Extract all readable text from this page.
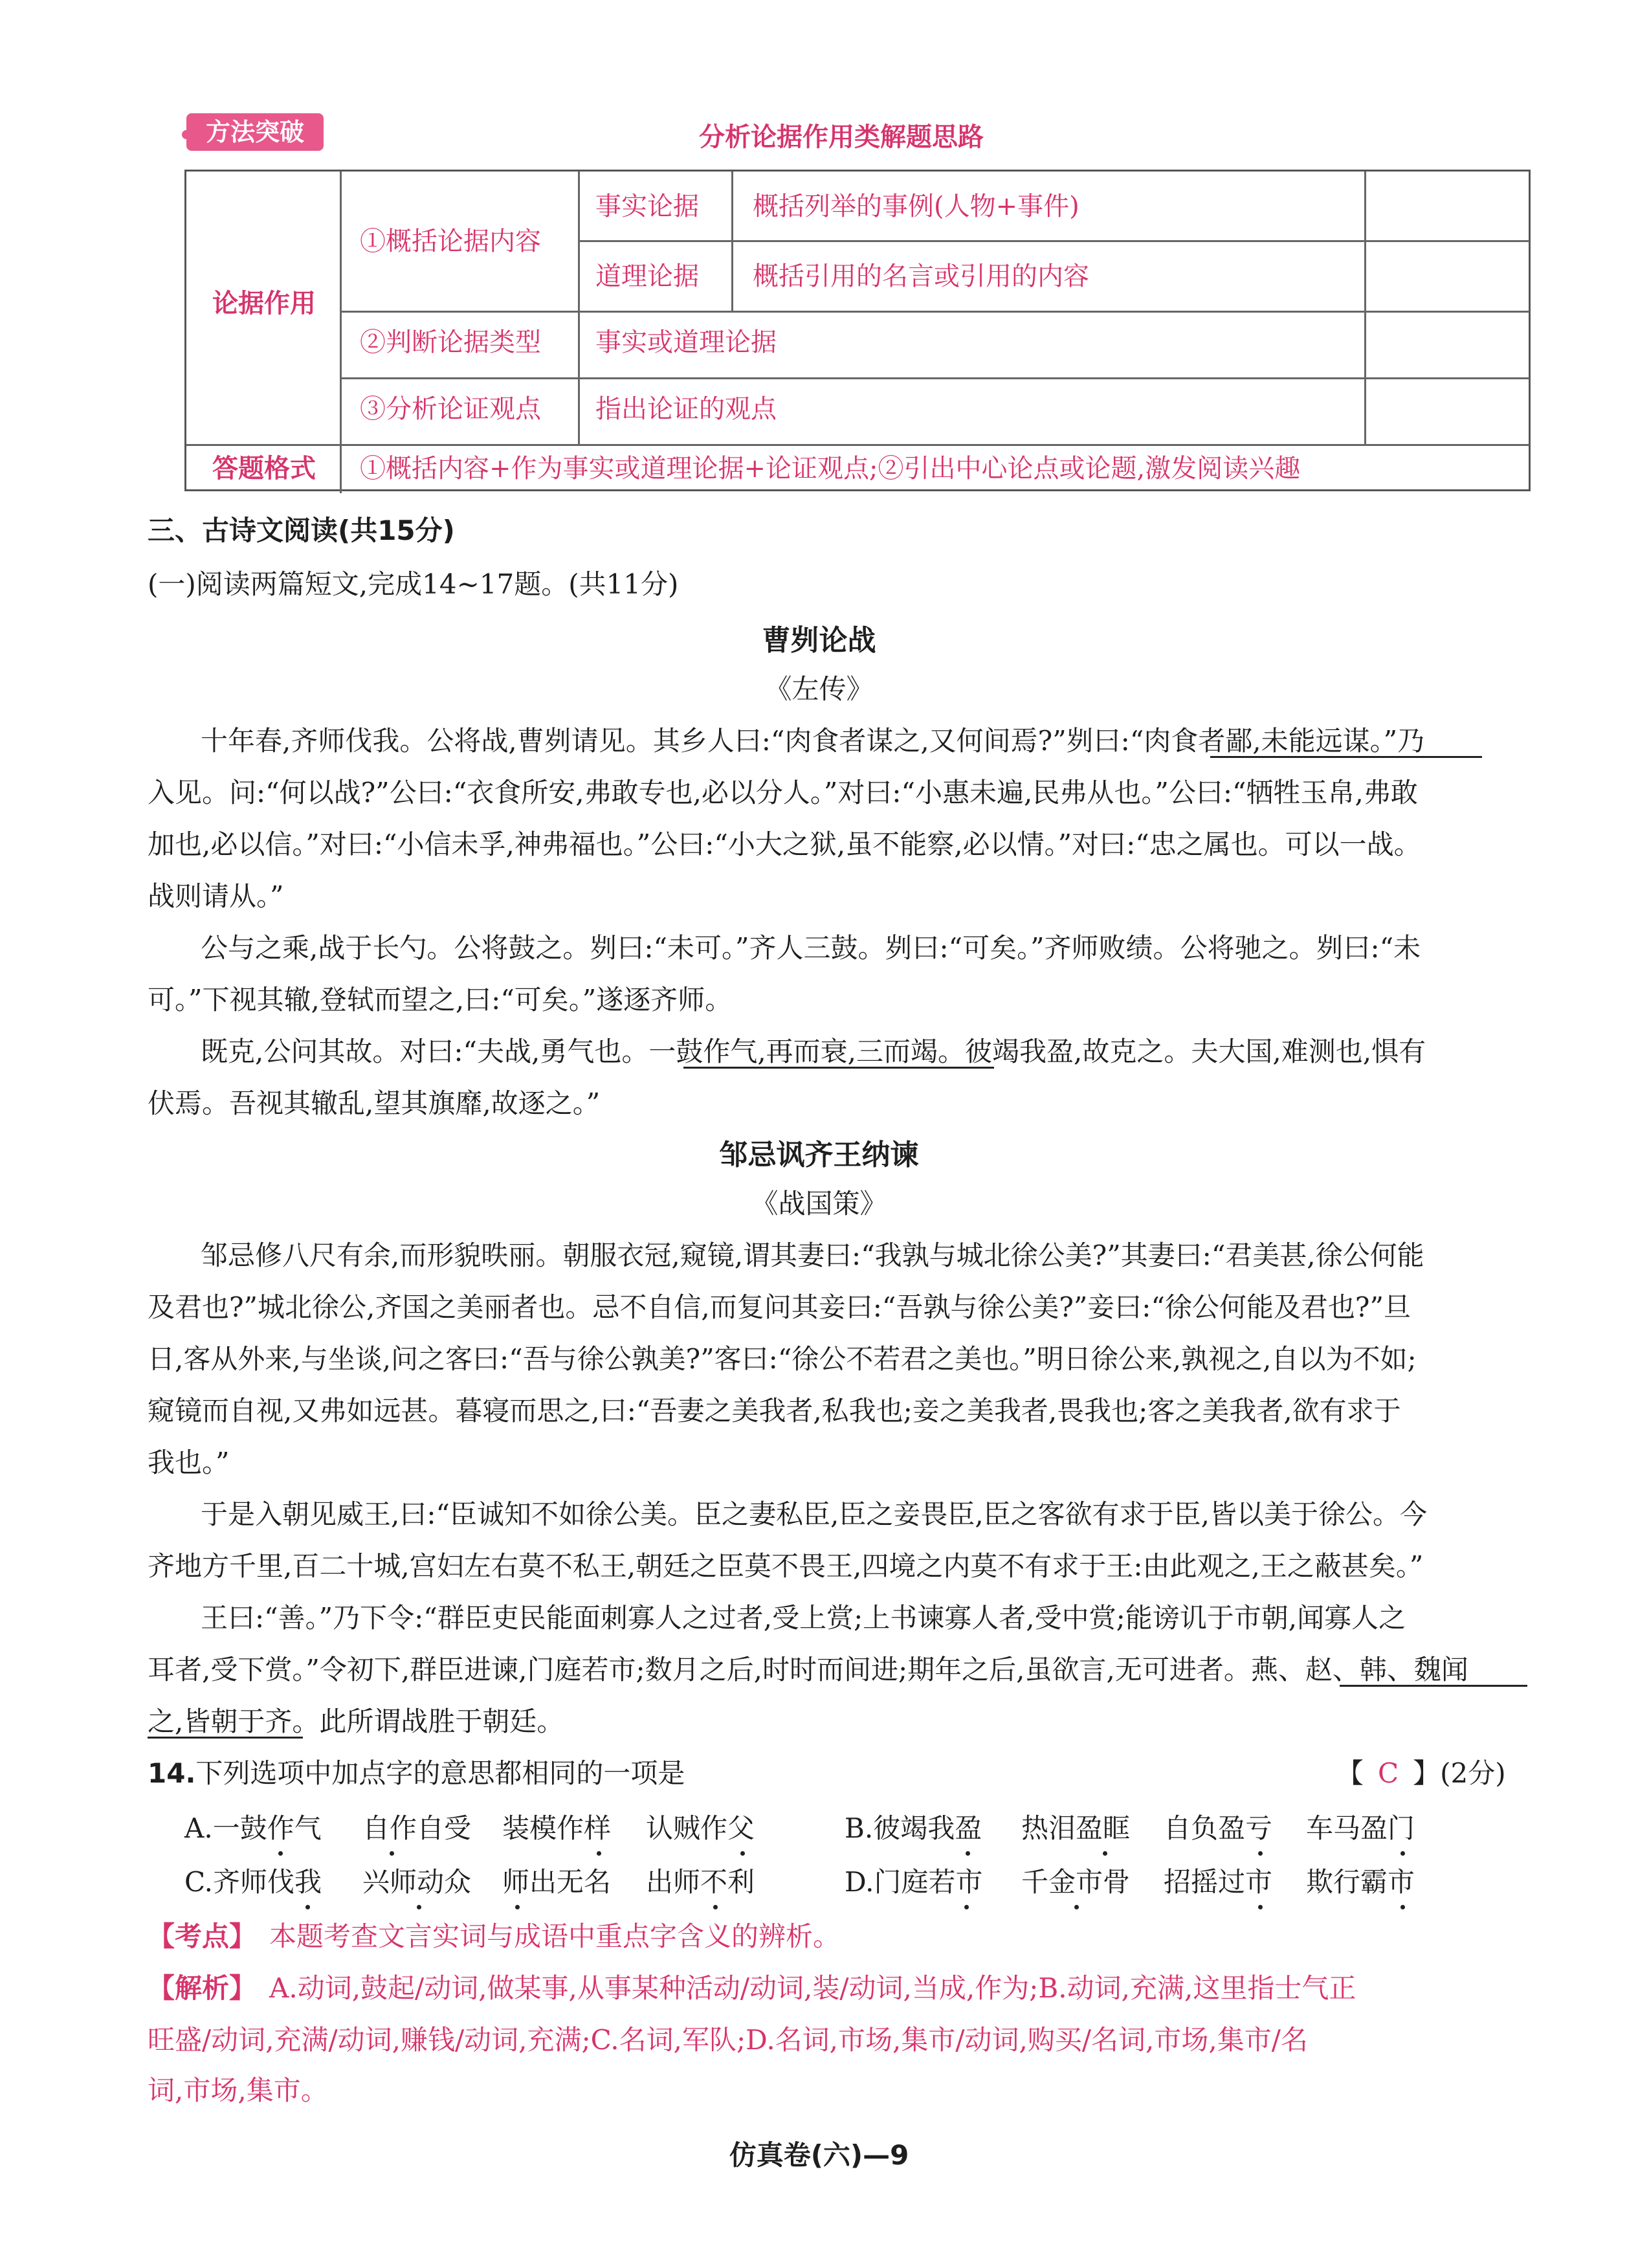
方法突破	分析论据作用类解题思路
论据作用
①概括论据内容
事实论据 概括列举的事例(人物+事件)
道理论据 概括引用的名言或引用的内容
②判断论据类型 事实或道理论据
③分析论证观点 指出论证的观点
答题格式 ①概括内容+作为事实或道理论据+论证观点;②引出中心论点或论题,激发阅读兴趣
三、古诗文阅读(共15分)
(一)阅读两篇短文,完成14~17题。(共11分)
曹刿论战
《左传》
十年春,齐师伐我。公将战,曹刿请见。其乡人曰:“肉食者谋之,又何间焉?”刿曰:“肉食者鄙,未能远谋。”乃
入见。问:“何以战?”公曰:“衣食所安,弗敢专也,必以分人。”对曰:“小惠未遍,民弗从也。”公曰:“牺牲玉帛,弗敢
加也,必以信。”对曰:“小信未孚,神弗福也。”公曰:“小大之狱,虽不能察,必以情。”对曰:“忠之属也。可以一战。
战则请从。”
公与之乘,战于长勺。公将鼓之。刿曰:“未可。”齐人三鼓。刿曰:“可矣。”齐师败绩。公将驰之。刿曰:“未
可。”下视其辙,登轼而望之,曰:“可矣。”遂逐齐师。
既克,公问其故。对曰:“夫战,勇气也。一鼓作气,再而衰,三而竭。彼竭我盈,故克之。夫大国,难测也,惧有
伏焉。吾视其辙乱,望其旗靡,故逐之。”
邹忌讽齐王纳谏
《战国策》
邹忌修八尺有余,而形貌昳丽。朝服衣冠,窥镜,谓其妻曰:“我孰与城北徐公美?”其妻曰:“君美甚,徐公何能
及君也?”城北徐公,齐国之美丽者也。忌不自信,而复问其妾曰:“吾孰与徐公美?”妾曰:“徐公何能及君也?”旦
日,客从外来,与坐谈,问之客曰:“吾与徐公孰美?”客曰:“徐公不若君之美也。”明日徐公来,孰视之,自以为不如;
窥镜而自视,又弗如远甚。暮寝而思之,曰:“吾妻之美我者,私我也;妾之美我者,畏我也;客之美我者,欲有求于
我也。”
于是入朝见威王,曰:“臣诚知不如徐公美。臣之妻私臣,臣之妾畏臣,臣之客欲有求于臣,皆以美于徐公。今
齐地方千里,百二十城,宫妇左右莫不私王,朝廷之臣莫不畏王,四境之内莫不有求于王:由此观之,王之蔽甚矣。”
王曰:“善。”乃下令:“群臣吏民能面刺寡人之过者,受上赏;上书谏寡人者,受中赏;能谤讥于市朝,闻寡人之
耳者,受下赏。”令初下,群臣进谏,门庭若市;数月之后,时时而间进;期年之后,虽欲言,无可进者。燕、赵、韩、魏闻
之,皆朝于齐。此所谓战胜于朝廷。
14.下列选项中加点字的意思都相同的一项是	【 C 】(2分)
A.一鼓作气 自作自受 装模作样 认贼作父	B.彼竭我盈 热泪盈眶 自负盈亏 车马盈门
C.齐师伐我 兴师动众 师出无名 出师不利	D.门庭若市 千金市骨 招摇过市 欺行霸市
【考点】 本题考查文言实词与成语中重点字含义的辨析。
【解析】 A.动词,鼓起/动词,做某事,从事某种活动/动词,装/动词,当成,作为;B.动词,充满,这里指士气正
旺盛/动词,充满/动词,赚钱/动词,充满;C.名词,军队;D.名词,市场,集市/动词,购买/名词,市场,集市/名
词,市场,集市。
仿真卷(六)—9
